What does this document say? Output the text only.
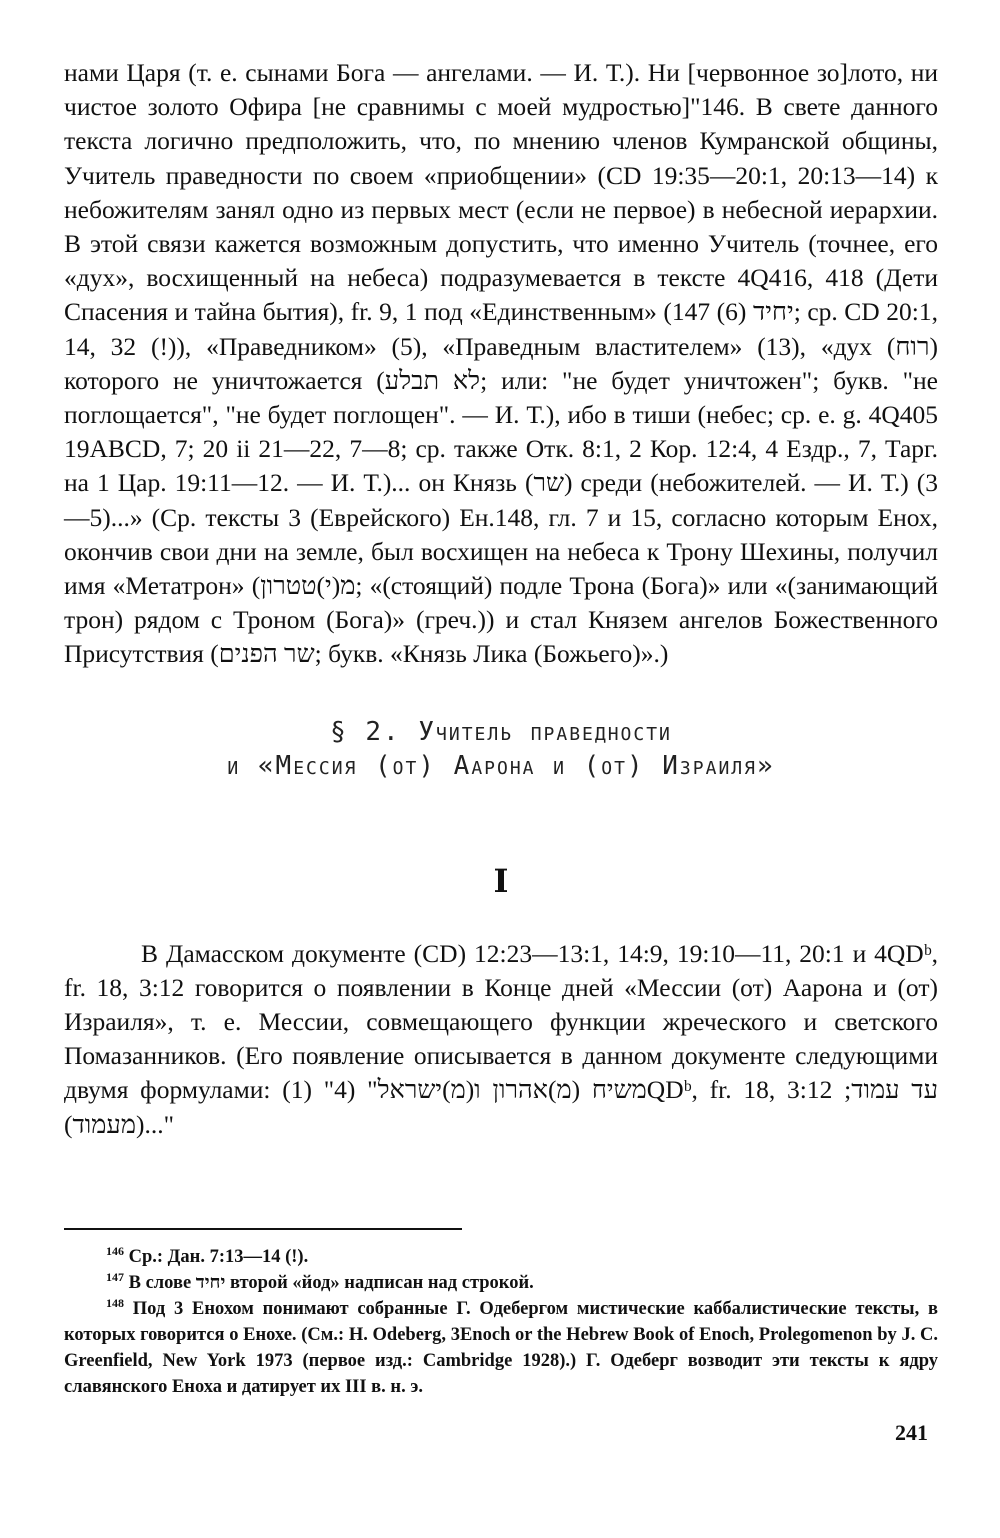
нами Царя (т. е. сынами Бога — ангелами. — И. Т.). Ни [червонное зо]лото, ни чистое золото Офира [не сравнимы с моей мудростью]"146. В свете данного текста логично предположить, что, по мнению членов Кумранской общины, Учитель праведности по своем «приобщении» (CD 19:35—20:1, 20:13—14) к небожителям занял одно из первых мест (если не первое) в небесной иерархии. В этой связи кажется возможным допустить, что именно Учитель (точнее, его «дух», восхищенный на небеса) подразумевается в тексте 4Q416, 418 (Дети Спасения и тайна бытия), fr. 9, 1 под «Единственным» (147 יחיד (6); ср. CD 20:1, 14, 32 (!)), «Праведником» (5), «Праведным властителем» (13), «дух (רוח) которого не уничтожается (לא תבלע; или: "не будет уничтожен"; букв. "не поглощается", "не будет поглощен". — И. Т.), ибо в тиши (небес; ср. e. g. 4Q405 19ABCD, 7; 20 ii 21—22, 7—8; ср. также Отк. 8:1, 2 Кор. 12:4, 4 Ездр., 7, Тарг. на 1 Цар. 19:11—12. — И. Т.)... он Князь (שר) среди (небожителей. — И. Т.) (3—5)...» (Ср. тексты 3 (Еврейского) Ен.148, гл. 7 и 15, согласно которым Енох, окончив свои дни на земле, был восхищен на небеса к Трону Шехины, получил имя «Метатрон» (מ(י)טטרון; «(стоящий) подле Трона (Бога)» или «(занимающий трон) рядом с Троном (Бога)» (греч.)) и стал Князем ангелов Божественного Присутствия (שר הפנים; букв. «Князь Лика (Божьего)».)

§ 2. Учитель праведности
и «Мессия (от) Аарона и (от) Израиля»
I

В Дамасском документе (CD) 12:23—13:1, 14:9, 19:10—11, 20:1 и 4QDᵇ, fr. 18, 3:12 говорится о появлении в Конце дней «Мессии (от) Аарона и (от) Израиля», т. е. Мессии, совмещающего функции жреческого и светского Помазанников. (Его появление описывается в данном документе следующими двумя формулами: (1) "משיח (מ)אהרון ו(מ)ישראל" (4QDᵇ, fr. 18, 3:12 ;עד עמוד (מעמוד)..."

$^{146}$ Ср.: Дан. 7:13—14 (!).

$^{147}$ В слове יחיד второй «йод» надписан над строкой.

$^{148}$ Под 3 Енохом понимают собранные Г. Одебергом мистические каббалистические тексты, в которых говорится о Енохе. (См.: H. Odeberg, 3Enoch or the Hebrew Book of Enoch, Prolegomenon by J. C. Greenfield, New York 1973 (первое изд.: Cambridge 1928).) Г. Одеберг возводит эти тексты к ядру славянского Еноха и датирует их III в. н. э.

241
